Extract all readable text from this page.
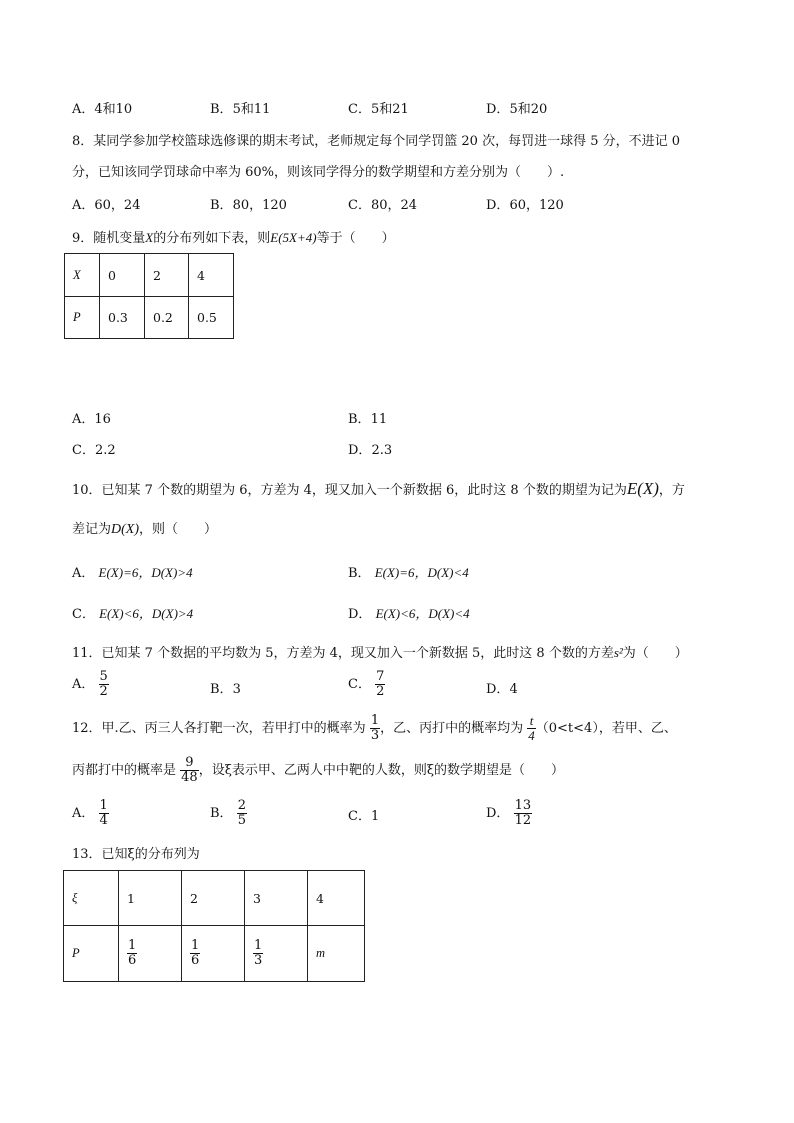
A．4和10	B．5和11	C．5和21	D．5和20
8．某同学参加学校篮球选修课的期末考试，老师规定每个同学罚篮 20 次，每罚进一球得 5 分，不进记 0
分，已知该同学罚球命中率为 60%，则该同学得分的数学期望和方差分别为（　　）.
A．60，24	B．80，120	C．80，24	D．60，120
9．随机变量X的分布列如下表，则E(5X+4)等于（　　）
X	0	2	4
P	0.3	0.2	0.5
A．16	B．11
C．2.2	D．2.3
10．已知某 7 个数的期望为 6，方差为 4，现又加入一个新数据 6，此时这 8 个数的期望为记为E(X)，方
差记为D(X)，则（　　）
A． E(X)=6，D(X)>4	B． E(X)=6，D(X)<4
C． E(X)<6，D(X)>4	D． E(X)<6，D(X)<4
11．已知某 7 个数据的平均数为 5，方差为 4，现又加入一个新数据 5，此时这 8 个数的方差s²为（　　）
A． $\frac{5}{2}$	B．3	C． $\frac{7}{2}$	D．4
12．甲.乙、丙三人各打靶一次，若甲打中的概率为 $\frac{1}{3}$ ，乙、丙打中的概率均为 $\frac{t}{4} (0<t<4)$，若甲、乙、
丙都打中的概率是 $\frac{9}{48}$ ，设ξ表示甲、乙两人中中靶的人数，则ξ的数学期望是（　　）
A． $\frac{1}{4}$	B． $\frac{2}{5}$	C．1	D． $\frac{13}{12}$
13．已知ξ的分布列为
ξ	1	2	3	4
P	$\frac{1}{6}$	$\frac{1}{6}$	$\frac{1}{3}$	m
